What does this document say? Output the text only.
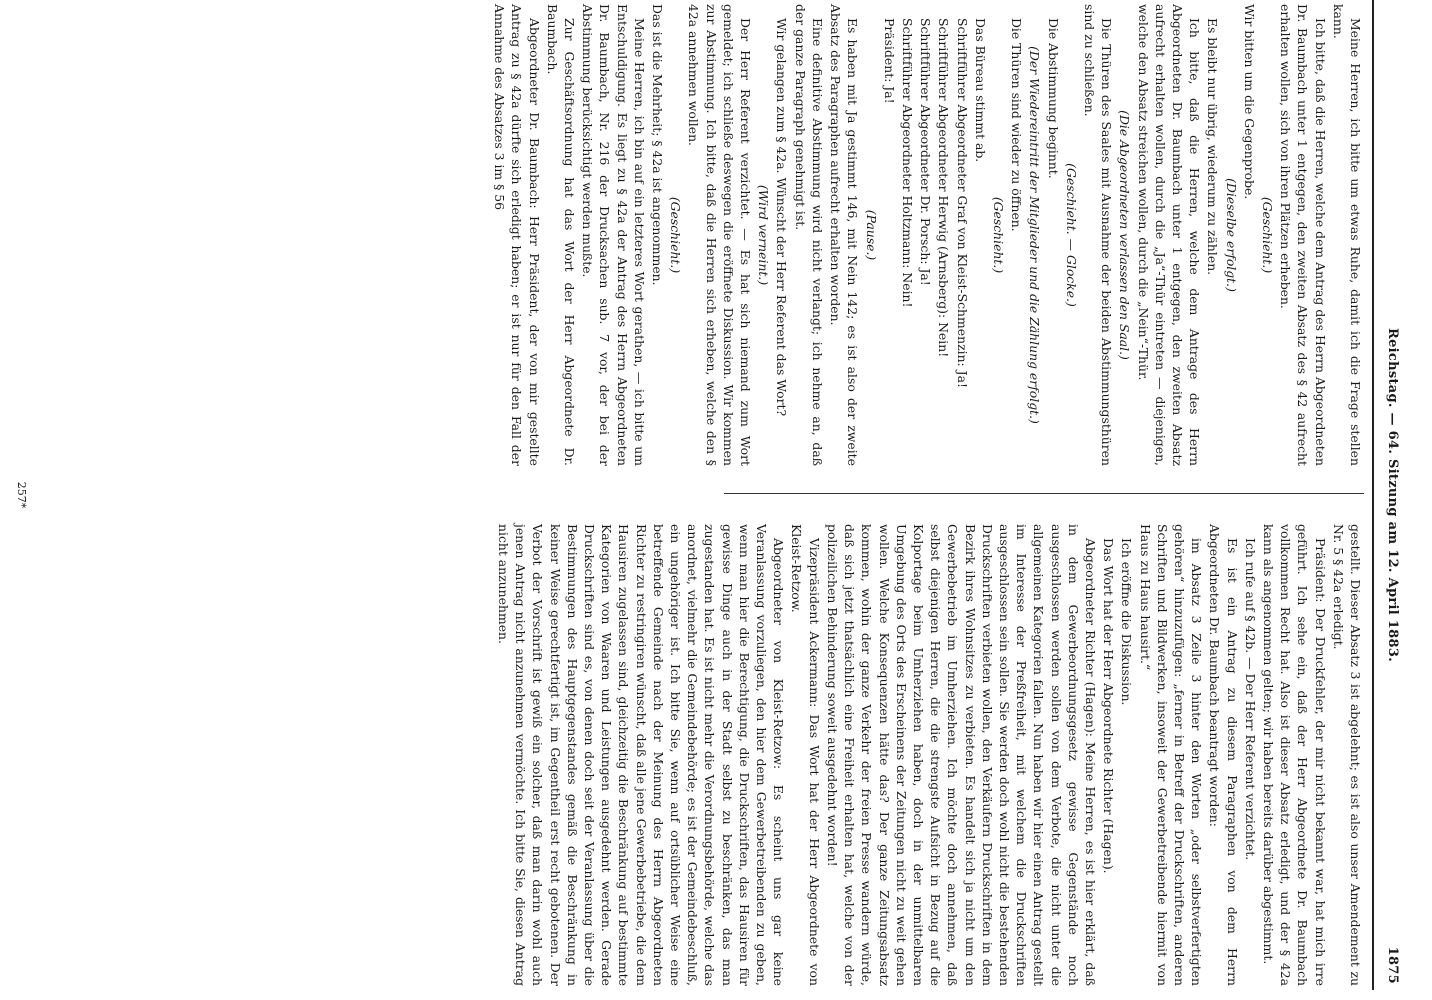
Reichstag. — 64. Sitzung am 12. April 1883.
1875

Meine Herren, ich bitte um etwas Ruhe, damit ich die Frage stellen kann.

Ich bitte, daß die Herren, welche dem Antrag des Herrn Abgeordneten Dr. Baumbach unter 1 entgegen, den zweiten Absatz des § 42 aufrecht erhalten wollen, sich von ihren Plätzen erheben.

(Geschieht.)

Wir bitten um die Gegenprobe.

(Dieselbe erfolgt.)

Es bleibt nur übrig, wiederum zu zählen.

Ich bitte, daß die Herren, welche dem Antrage des Herrn Abgeordneten Dr. Baumbach unter 1 entgegen, den zweiten Absatz aufrecht erhalten wollen, durch die „Ja“-Thür eintreten — diejenigen, welche den Absatz streichen wollen, durch die „Nein“-Thür.

(Die Abgeordneten verlassen den Saal.)

Die Thüren des Saales mit Ausnahme der beiden Abstimmungsthüren sind zu schließen.

(Geschieht. — Glocke.)

Die Abstimmung beginnt.

(Der Wiedereintritt der Mitglieder und die Zählung erfolgt.)

Die Thüren sind wieder zu öffnen.

(Geschieht.)

Das Büreau stimmt ab.

Schriftführer Abgeordneter Graf von Kleist-Schmenzin: Ja!

Schriftführer Abgeordneter Herwig (Arnsberg): Nein!

Schriftführer Abgeordneter Dr. Porsch: Ja!

Schriftführer Abgeordneter Holtzmann: Nein!

Präsident: Ja!

(Pause.)

Es haben mit Ja gestimmt 146, mit Nein 142; es ist also der zweite Absatz des Paragraphen aufrecht erhalten worden.

Eine definitive Abstimmung wird nicht verlangt; ich nehme an, daß der ganze Paragraph genehmigt ist.

Wir gelangen zum § 42a. Wünscht der Herr Referent das Wort?

(Wird verneint.)

Der Herr Referent verzichtet. — Es hat sich niemand zum Wort gemeldet; ich schließe deswegen die eröffnete Diskussion. Wir kommen zur Abstimmung. Ich bitte, daß die Herren sich erheben, welche den § 42a annehmen wollen.

(Geschieht.)

Das ist die Mehrheit; § 42a ist angenommen.

Meine Herren, ich bin auf ein letzteres Wort gerathen, — ich bitte um Entschuldigung. Es liegt zu § 42a der Antrag des Herrn Abgeordneten Dr. Baumbach, Nr. 216 der Drucksachen sub. 7 vor, der bei der Abstimmung berücksichtigt werden mußte.

Zur Geschäftsordnung hat das Wort der Herr Abgeordnete Dr. Baumbach.

Abgeordneter Dr. Baumbach: Herr Präsident, der von mir gestellte Antrag zu § 42a dürfte sich erledigt haben; er ist nur für den Fall der Annahme des Absatzes 3 im § 56

gestellt. Dieser Absatz 3 ist abgelehnt; es ist also unser Amendement zu Nr. 5 § 42a erledigt.

Präsident: Der Druckfehler, der mir nicht bekannt war, hat mich irre geführt. Ich sehe ein, daß der Herr Abgeordnete Dr. Baumbach vollkommen Recht hat. Also ist dieser Absatz erledigt, und der § 42a kann als angenommen gelten; wir haben bereits darüber abgestimmt.

Ich rufe auf § 42b. — Der Herr Referent verzichtet.

Es ist ein Antrag zu diesem Paragraphen von dem Herrn Abgeordneten Dr. Baumbach beantragt worden:

im Absatz 3 Zeile 3 hinter den Worten „oder selbstverfertigten gehören“ hinzuzufügen: „ferner in Betreff der Druckschriften, anderen Schriften und Bildwerken, insoweit der Gewerbetreibende hiermit von Haus zu Haus hausirt.“

Ich eröffne die Diskussion.

Das Wort hat der Herr Abgeordnete Richter (Hagen).

Abgeordneter Richter (Hagen): Meine Herren, es ist hier erklärt, daß in dem Gewerbeordnungsgesetz gewisse Gegenstände noch ausgeschlossen werden sollen von dem Verbote, die nicht unter die allgemeinen Kategorien fallen. Nun haben wir hier einen Antrag gestellt im Interesse der Preßfreiheit, mit welchem die Druckschriften ausgeschlossen sein sollen. Sie werden doch wohl nicht die bestehenden Druckschriften verbieten wollen, den Verkäufern Druckschriften in dem Bezirk ihres Wohnsitzes zu verbieten. Es handelt sich ja nicht um den Gewerbebetrieb im Umherziehen. Ich möchte doch annehmen, daß selbst diejenigen Herren, die die strengste Aufsicht in Bezug auf die Kolportage beim Umherziehen haben, doch in der unmittelbaren Umgebung des Orts des Erscheinens der Zeitungen nicht zu weit gehen wollen. Welche Konsequenzen hätte das? Der ganze Zeitungsabsatz kommen, wohin der ganze Verkehr der freien Presse wandern würde, daß sich jetzt thatsächlich eine Freiheit erhalten hat, welche von der polizeilichen Behinderung soweit ausgedehnt worden!

Vizepräsident Ackermann: Das Wort hat der Herr Abgeordnete von Kleist-Retzow.

Abgeordneter von Kleist-Retzow: Es scheint uns gar keine Veranlassung vorzuliegen, den hier dem Gewerbetreibenden zu geben, wenn man hier die Berechtigung, die Druckschriften, das Hausiren für gewisse Dinge auch in der Stadt selbst zu beschränken, das man zugestanden hat. Es ist nicht mehr die Verordnungsbehörde, welche das anordnet, vielmehr die Gemeindebehörde; es ist der Gemeindebeschluß, ein ungehöriger ist. Ich bitte Sie, wenn auf ortsüblicher Weise eine betreffende Gemeinde nach der Meinung des Herrn Abgeordneten Richter zu restringiren wünscht, daß alle jene Gewerbebetriebe, die dem Hausiren zugelassen sind, gleichzeitig die Beschränkung auf bestimmte Kategorien von Waaren und Leistungen ausgedehnt werden. Gerade Druckschriften sind es, von denen doch seit der Veranlassung über die Bestimmungen des Hauptgegenstandes gemäß die Beschränkung in keiner Weise gerechtfertigt ist, im Gegentheil erst recht gebotenen. Der Verbot der Vorschrift ist gewiß ein solcher, daß man darin wohl auch jenen Antrag nicht anzunehmen vermöchte. Ich bitte Sie, diesen Antrag nicht anzunehmen.

257*
